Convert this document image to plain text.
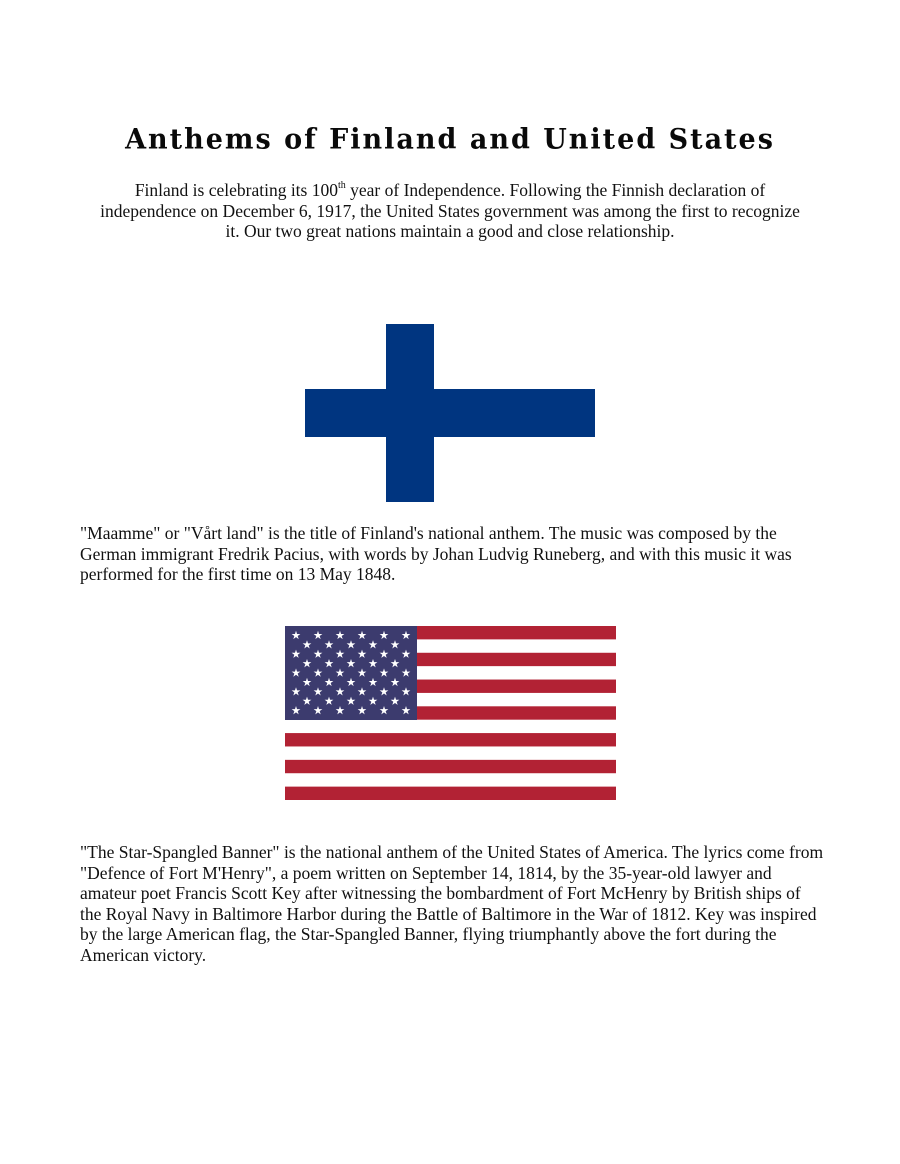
Anthems of Finland and United States

Finland is celebrating its 100th year of Independence. Following the Finnish declaration of independence on December 6, 1917, the United States government was among the first to recognize it. Our two great nations maintain a good and close relationship.

"Maamme" or "Vårt land" is the title of Finland's national anthem. The music was composed by the German immigrant Fredrik Pacius, with words by Johan Ludvig Runeberg, and with this music it was performed for the first time on 13 May 1848.

"The Star-Spangled Banner" is the national anthem of the United States of America. The lyrics come from "Defence of Fort M'Henry", a poem written on September 14, 1814, by the 35-year-old lawyer and amateur poet Francis Scott Key after witnessing the bombardment of Fort McHenry by British ships of the Royal Navy in Baltimore Harbor during the Battle of Baltimore in the War of 1812. Key was inspired by the large American flag, the Star-Spangled Banner, flying triumphantly above the fort during the American victory.
